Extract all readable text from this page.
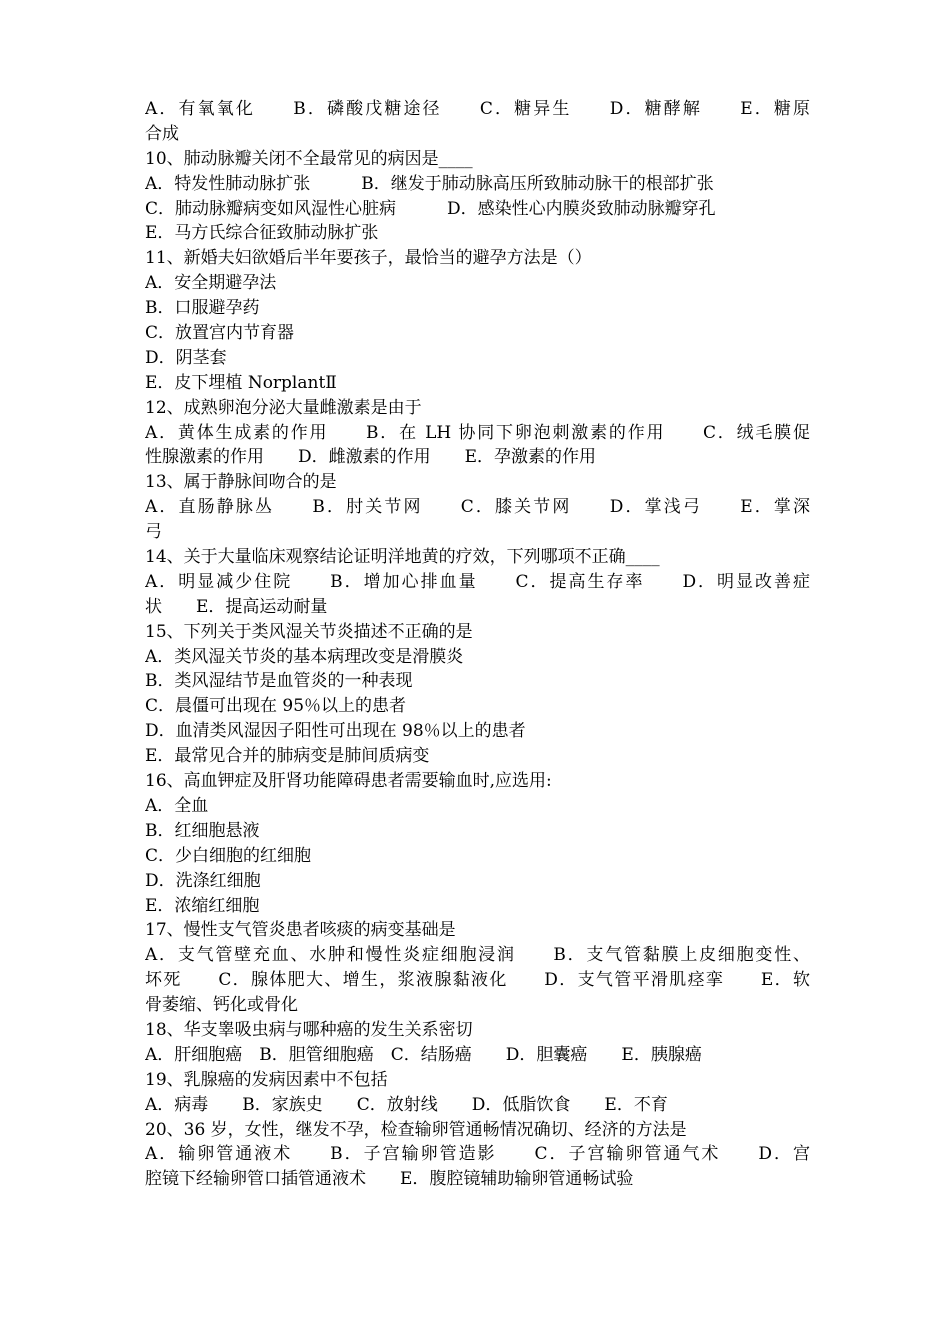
A．有氧氧化　　B．磷酸戊糖途径　　C．糖异生　　D．糖酵解　　E．糖原
合成
10、肺动脉瓣关闭不全最常见的病因是____
A．特发性肺动脉扩张　　　B．继发于肺动脉高压所致肺动脉干的根部扩张
C．肺动脉瓣病变如风湿性心脏病　　　D．感染性心内膜炎致肺动脉瓣穿孔
E．马方氏综合征致肺动脉扩张
11、新婚夫妇欲婚后半年要孩子，最恰当的避孕方法是（）
A．安全期避孕法
B．口服避孕药
C．放置宫内节育器
D．阴茎套
E．皮下埋植 NorplantⅡ
12、成熟卵泡分泌大量雌激素是由于
A．黄体生成素的作用　　B．在 LH 协同下卵泡刺激素的作用　　C．绒毛膜促
性腺激素的作用　　D．雌激素的作用　　E．孕激素的作用
13、属于静脉间吻合的是
A．直肠静脉丛　　B．肘关节网　　C．膝关节网　　D．掌浅弓　　E．掌深
弓
14、关于大量临床观察结论证明洋地黄的疗效，下列哪项不正确____
A．明显减少住院　　B．增加心排血量　　C．提高生存率　　D．明显改善症
状　　E．提高运动耐量
15、下列关于类风湿关节炎描述不正确的是
A．类风湿关节炎的基本病理改变是滑膜炎
B．类风湿结节是血管炎的一种表现
C．晨僵可出现在 95％以上的患者
D．血清类风湿因子阳性可出现在 98％以上的患者
E．最常见合并的肺病变是肺间质病变
16、高血钾症及肝肾功能障碍患者需要输血时,应选用:
A．全血
B．红细胞悬液
C．少白细胞的红细胞
D．洗涤红细胞
E．浓缩红细胞
17、慢性支气管炎患者咳痰的病变基础是
A．支气管壁充血、水肿和慢性炎症细胞浸润　　B．支气管黏膜上皮细胞变性、
坏死　　C．腺体肥大、增生，浆液腺黏液化　　D．支气管平滑肌痉挛　　E．软
骨萎缩、钙化或骨化
18、华支睾吸虫病与哪种癌的发生关系密切
A．肝细胞癌　B．胆管细胞癌　C．结肠癌　　D．胆囊癌　　E．胰腺癌
19、乳腺癌的发病因素中不包括
A．病毒　　B．家族史　　C．放射线　　D．低脂饮食　　E．不育
20、36 岁，女性，继发不孕，检查输卵管通畅情况确切、经济的方法是
A．输卵管通液术　　B．子宫输卵管造影　　C．子宫输卵管通气术　　D．宫
腔镜下经输卵管口插管通液术　　E．腹腔镜辅助输卵管通畅试验
